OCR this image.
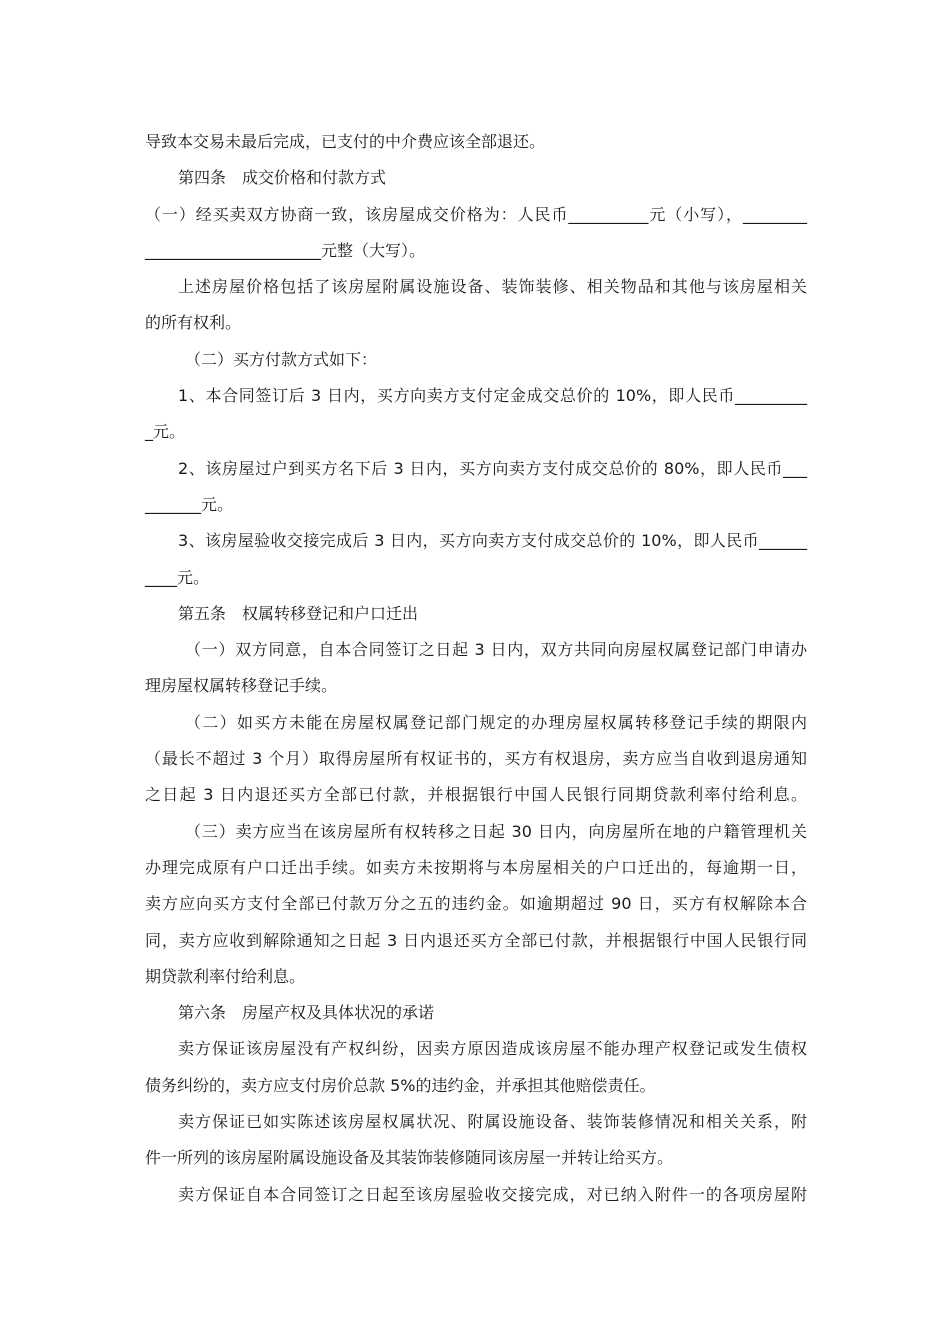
导致本交易未最后完成，已支付的中介费应该全部退还。
第四条　成交价格和付款方式
（一）经买卖双方协商一致，该房屋成交价格为：人民币__________元（小写），________
______________________元整（大写）。
上述房屋价格包括了该房屋附属设施设备、装饰装修、相关物品和其他与该房屋相关
的所有权利。
（二）买方付款方式如下：
1、本合同签订后 3 日内，买方向卖方支付定金成交总价的 10%，即人民币_________
_元。
2、该房屋过户到买方名下后 3 日内，买方向卖方支付成交总价的 80%，即人民币___
_______元。
3、该房屋验收交接完成后 3 日内，买方向卖方支付成交总价的 10%，即人民币______
____元。
第五条　权属转移登记和户口迁出
（一）双方同意，自本合同签订之日起 3 日内，双方共同向房屋权属登记部门申请办
理房屋权属转移登记手续。
（二）如买方未能在房屋权属登记部门规定的办理房屋权属转移登记手续的期限内
（最长不超过 3 个月）取得房屋所有权证书的，买方有权退房，卖方应当自收到退房通知
之日起 3 日内退还买方全部已付款，并根据银行中国人民银行同期贷款利率付给利息。
（三）卖方应当在该房屋所有权转移之日起 30 日内，向房屋所在地的户籍管理机关
办理完成原有户口迁出手续。如卖方未按期将与本房屋相关的户口迁出的，每逾期一日，
卖方应向买方支付全部已付款万分之五的违约金。如逾期超过 90 日，买方有权解除本合
同，卖方应收到解除通知之日起 3 日内退还买方全部已付款，并根据银行中国人民银行同
期贷款利率付给利息。
第六条　房屋产权及具体状况的承诺
卖方保证该房屋没有产权纠纷，因卖方原因造成该房屋不能办理产权登记或发生债权
债务纠纷的，卖方应支付房价总款 5%的违约金，并承担其他赔偿责任。
卖方保证已如实陈述该房屋权属状况、附属设施设备、装饰装修情况和相关关系，附
件一所列的该房屋附属设施设备及其装饰装修随同该房屋一并转让给买方。
卖方保证自本合同签订之日起至该房屋验收交接完成，对已纳入附件一的各项房屋附
